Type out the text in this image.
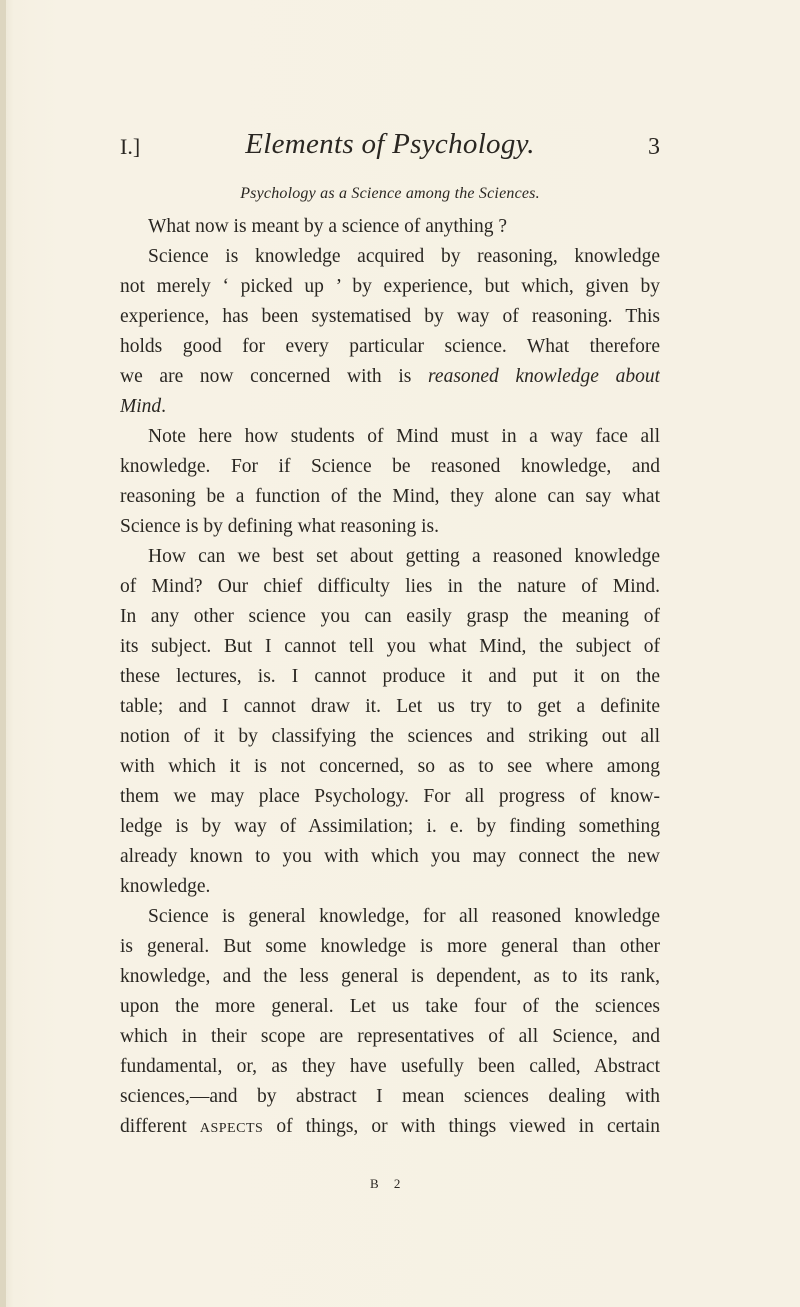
I.]	Elements of Psychology.	3
Psychology as a Science among the Sciences.
What now is meant by a science of anything ?
Science is knowledge acquired by reasoning, knowledge
not merely ‘ picked up ’ by experience, but which, given by
experience, has been systematised by way of reasoning. This
holds good for every particular science. What therefore
we are now concerned with is reasoned knowledge about
Mind.
Note here how students of Mind must in a way face all
knowledge. For if Science be reasoned knowledge, and
reasoning be a function of the Mind, they alone can say what
Science is by defining what reasoning is.
How can we best set about getting a reasoned knowledge
of Mind? Our chief difficulty lies in the nature of Mind.
In any other science you can easily grasp the meaning of
its subject. But I cannot tell you what Mind, the subject of
these lectures, is. I cannot produce it and put it on the
table; and I cannot draw it. Let us try to get a definite
notion of it by classifying the sciences and striking out all
with which it is not concerned, so as to see where among
them we may place Psychology. For all progress of know-
ledge is by way of Assimilation; i. e. by finding something
already known to you with which you may connect the new
knowledge.
Science is general knowledge, for all reasoned knowledge
is general. But some knowledge is more general than other
knowledge, and the less general is dependent, as to its rank,
upon the more general. Let us take four of the sciences
which in their scope are representatives of all Science, and
fundamental, or, as they have usefully been called, Abstract
sciences,—and by abstract I mean sciences dealing with
different aspects of things, or with things viewed in certain
B 2
